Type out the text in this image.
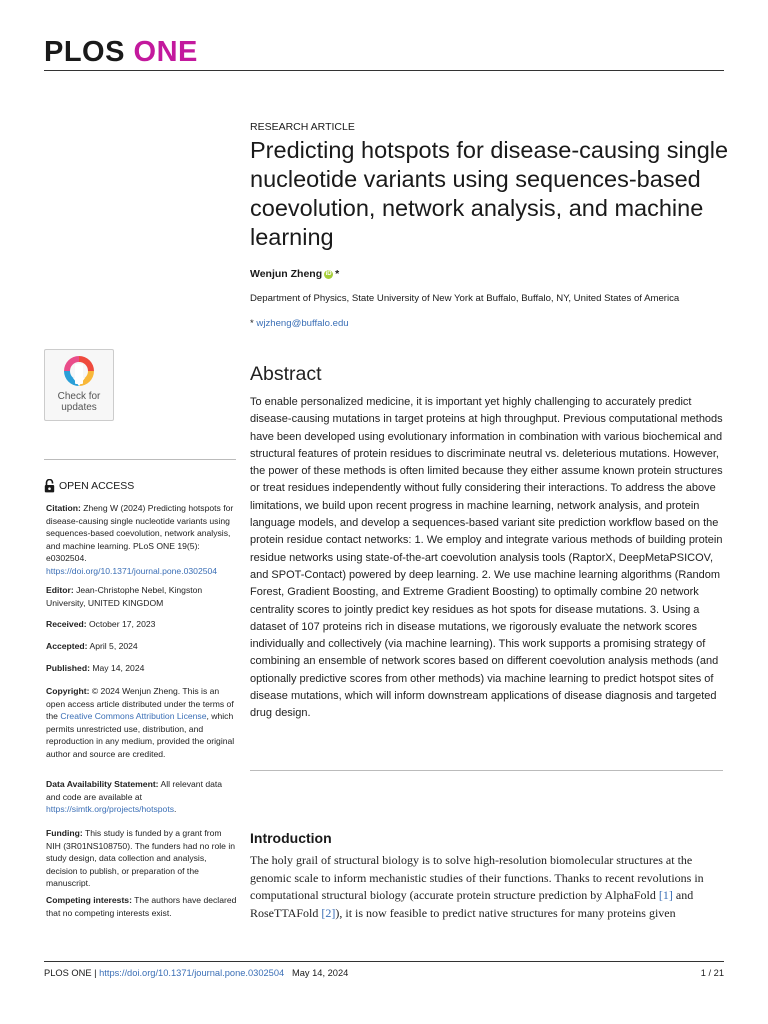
PLOS ONE
RESEARCH ARTICLE
Predicting hotspots for disease-causing single nucleotide variants using sequences-based coevolution, network analysis, and machine learning
Wenjun Zheng iD *
Department of Physics, State University of New York at Buffalo, Buffalo, NY, United States of America
* wjzheng@buffalo.edu
Abstract
To enable personalized medicine, it is important yet highly challenging to accurately predict disease-causing mutations in target proteins at high throughput. Previous computational methods have been developed using evolutionary information in combination with various biochemical and structural features of protein residues to discriminate neutral vs. deleterious mutations. However, the power of these methods is often limited because they either assume known protein structures or treat residues independently without fully considering their interactions. To address the above limitations, we build upon recent progress in machine learning, network analysis, and protein language models, and develop a sequences-based variant site prediction workflow based on the protein residue contact networks: 1. We employ and integrate various methods of building protein residue networks using state-of-the-art coevolution analysis tools (RaptorX, DeepMetaPSICOV, and SPOT-Contact) powered by deep learning. 2. We use machine learning algorithms (Random Forest, Gradient Boosting, and Extreme Gradient Boosting) to optimally combine 20 network centrality scores to jointly predict key residues as hot spots for disease mutations. 3. Using a dataset of 107 proteins rich in disease mutations, we rigorously evaluate the network scores individually and collectively (via machine learning). This work supports a promising strategy of combining an ensemble of network scores based on different coevolution analysis methods (and optionally predictive scores from other methods) via machine learning to predict hotspot sites of disease mutations, which will inform downstream applications of disease diagnosis and targeted drug design.
Introduction
The holy grail of structural biology is to solve high-resolution biomolecular structures at the genomic scale to inform mechanistic studies of their functions. Thanks to recent revolutions in computational structural biology (accurate protein structure prediction by AlphaFold [1] and RoseTTAFold [2]), it is now feasible to predict native structures for many proteins given
Check for
updates
OPEN ACCESS
Citation: Zheng W (2024) Predicting hotspots for disease-causing single nucleotide variants using sequences-based coevolution, network analysis, and machine learning. PLoS ONE 19(5): e0302504. https://doi.org/10.1371/journal.pone.0302504
Editor: Jean-Christophe Nebel, Kingston University, UNITED KINGDOM
Received: October 17, 2023
Accepted: April 5, 2024
Published: May 14, 2024
Copyright: © 2024 Wenjun Zheng. This is an open access article distributed under the terms of the Creative Commons Attribution License, which permits unrestricted use, distribution, and reproduction in any medium, provided the original author and source are credited.
Data Availability Statement: All relevant data and code are available at https://simtk.org/projects/hotspots.
Funding: This study is funded by a grant from NIH (3R01NS108750). The funders had no role in study design, data collection and analysis, decision to publish, or preparation of the manuscript.
Competing interests: The authors have declared that no competing interests exist.
PLOS ONE | https://doi.org/10.1371/journal.pone.0302504 May 14, 2024	1 / 21
